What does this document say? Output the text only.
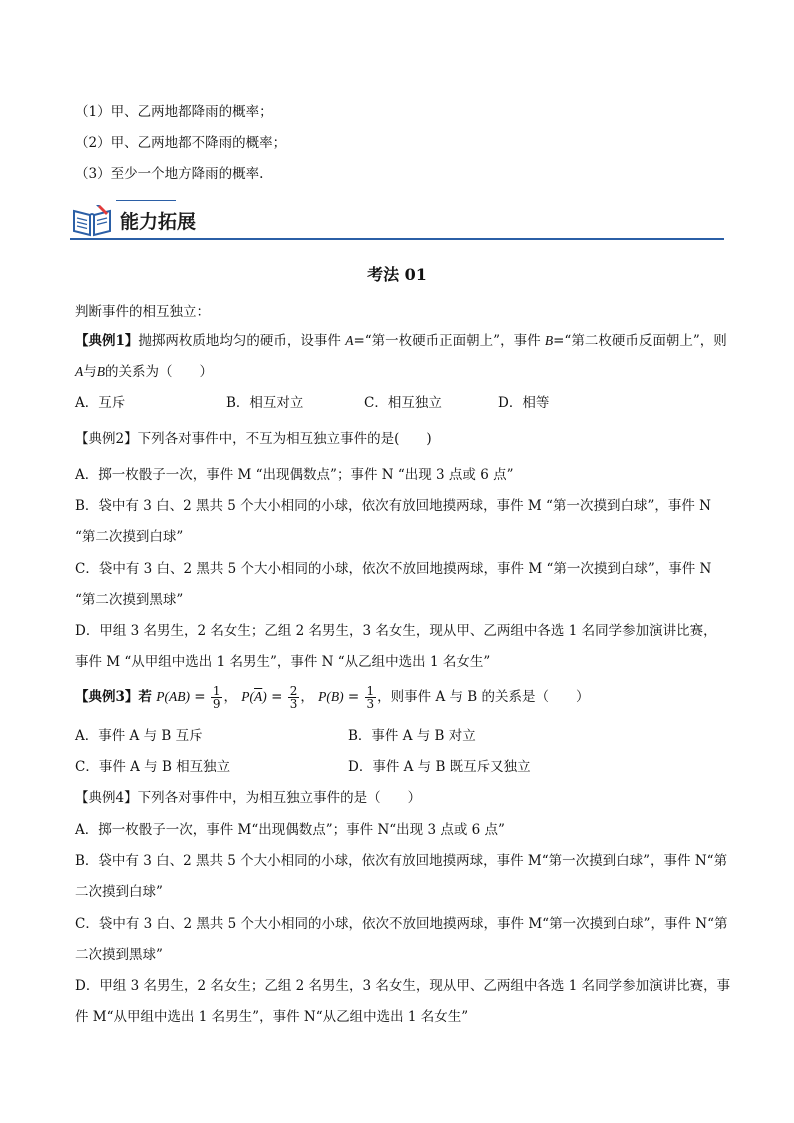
（1）甲、乙两地都降雨的概率；
（2）甲、乙两地都不降雨的概率；
（3）至少一个地方降雨的概率.
能力拓展
考法 01
判断事件的相互独立：
【典例1】抛掷两枚质地均匀的硬币，设事件 A=“第一枚硬币正面朝上”，事件 B=“第二枚硬币反面朝上”，则
A与B的关系为（　　）
A．互斥	B．相互对立	C．相互独立	D．相等
【典例2】下列各对事件中，不互为相互独立事件的是(　　)
A．掷一枚骰子一次，事件 M “出现偶数点”；事件 N “出现 3 点或 6 点”
B．袋中有 3 白、2 黑共 5 个大小相同的小球，依次有放回地摸两球，事件 M “第一次摸到白球”，事件 N
“第二次摸到白球”
C．袋中有 3 白、2 黑共 5 个大小相同的小球，依次不放回地摸两球，事件 M “第一次摸到白球”，事件 N
“第二次摸到黑球”
D．甲组 3 名男生，2 名女生；乙组 2 名男生，3 名女生，现从甲、乙两组中各选 1 名同学参加演讲比赛，
事件 M “从甲组中选出 1 名男生”，事件 N “从乙组中选出 1 名女生”
【典例3】若 $P(AB) = \frac{1}{9}$ ， $P(\overline{A}) = \frac{2}{3}$ ， $P(B) = \frac{1}{3}$ ，则事件 A 与 B 的关系是（　　）
A．事件 A 与 B 互斥	B．事件 A 与 B 对立
C．事件 A 与 B 相互独立	D．事件 A 与 B 既互斥又独立
【典例4】下列各对事件中，为相互独立事件的是（　　）
A．掷一枚骰子一次，事件 M“出现偶数点”；事件 N“出现 3 点或 6 点”
B．袋中有 3 白、2 黑共 5 个大小相同的小球，依次有放回地摸两球，事件 M“第一次摸到白球”，事件 N“第
二次摸到白球”
C．袋中有 3 白、2 黑共 5 个大小相同的小球，依次不放回地摸两球，事件 M“第一次摸到白球”，事件 N“第
二次摸到黑球”
D．甲组 3 名男生，2 名女生；乙组 2 名男生，3 名女生，现从甲、乙两组中各选 1 名同学参加演讲比赛，事
件 M“从甲组中选出 1 名男生”，事件 N“从乙组中选出 1 名女生”
